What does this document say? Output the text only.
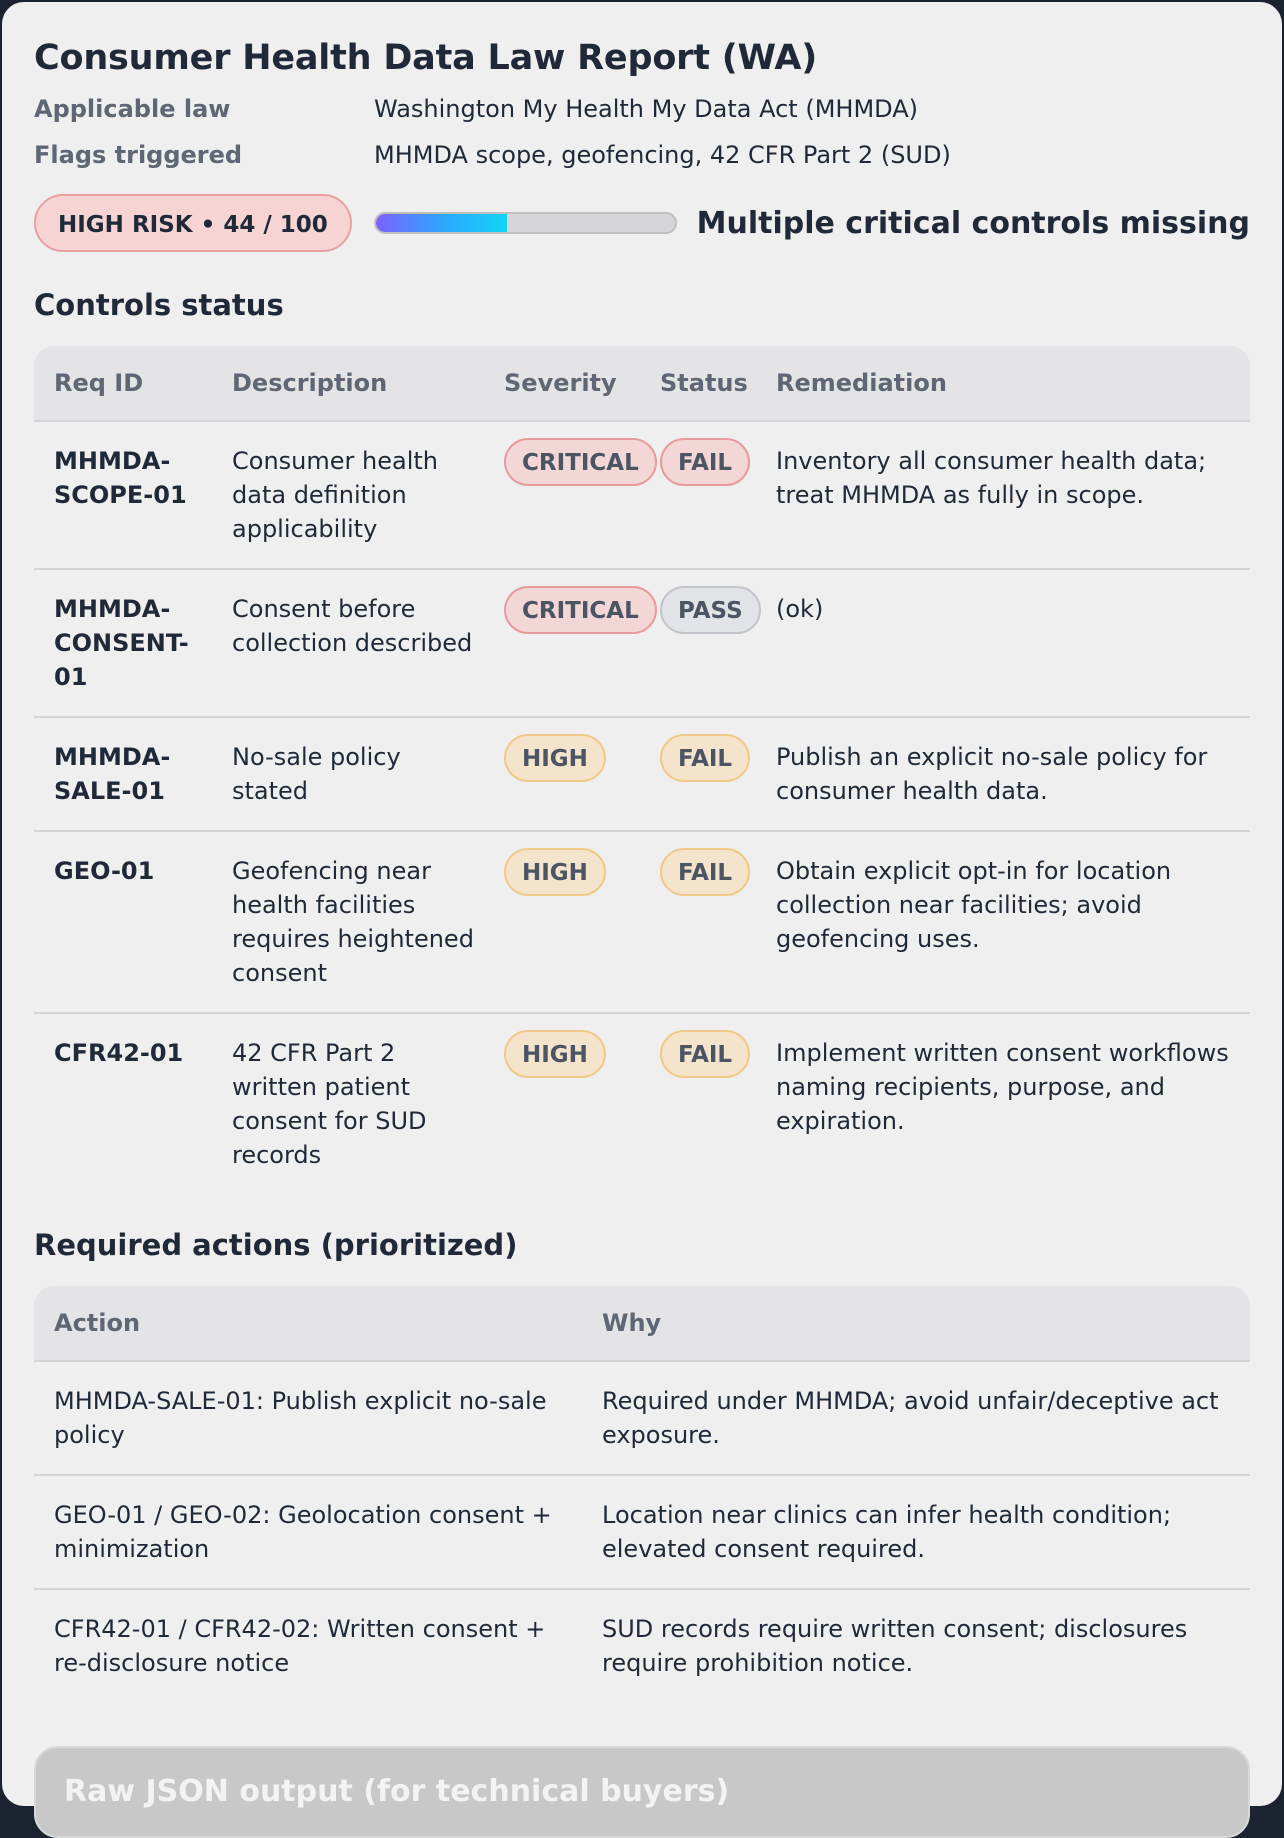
Consumer Health Data Law Report (WA)
Applicable law	Washington My Health My Data Act (MHMDA)
Flags triggered	MHMDA scope, geofencing, 42 CFR Part 2 (SUD)
HIGH RISK • 44 / 100	Multiple critical controls missing
Controls status
Req ID	Description	Severity	Status	Remediation
MHMDA-
SCOPE-01	Consumer health data definition applicability	CRITICAL	FAIL	Inventory all consumer health data; treat MHMDA as fully in scope.
MHMDA-
CONSENT-01	Consent before collection described	CRITICAL	PASS	(ok)
MHMDA-
SALE-01	No-sale policy stated	HIGH	FAIL	Publish an explicit no-sale policy for consumer health data.
GEO-01	Geofencing near health facilities requires heightened consent	HIGH	FAIL	Obtain explicit opt-in for location collection near facilities; avoid geofencing uses.
CFR42-01	42 CFR Part 2 written patient consent for SUD records	HIGH	FAIL	Implement written consent workflows naming recipients, purpose, and expiration.
Required actions (prioritized)
Action	Why
MHMDA-SALE-01: Publish explicit no-sale policy	Required under MHMDA; avoid unfair/deceptive act exposure.
GEO-01 / GEO-02: Geolocation consent + minimization	Location near clinics can infer health condition; elevated consent required.
CFR42-01 / CFR42-02: Written consent + re-disclosure notice	SUD records require written consent; disclosures require prohibition notice.
Raw JSON output (for technical buyers)
